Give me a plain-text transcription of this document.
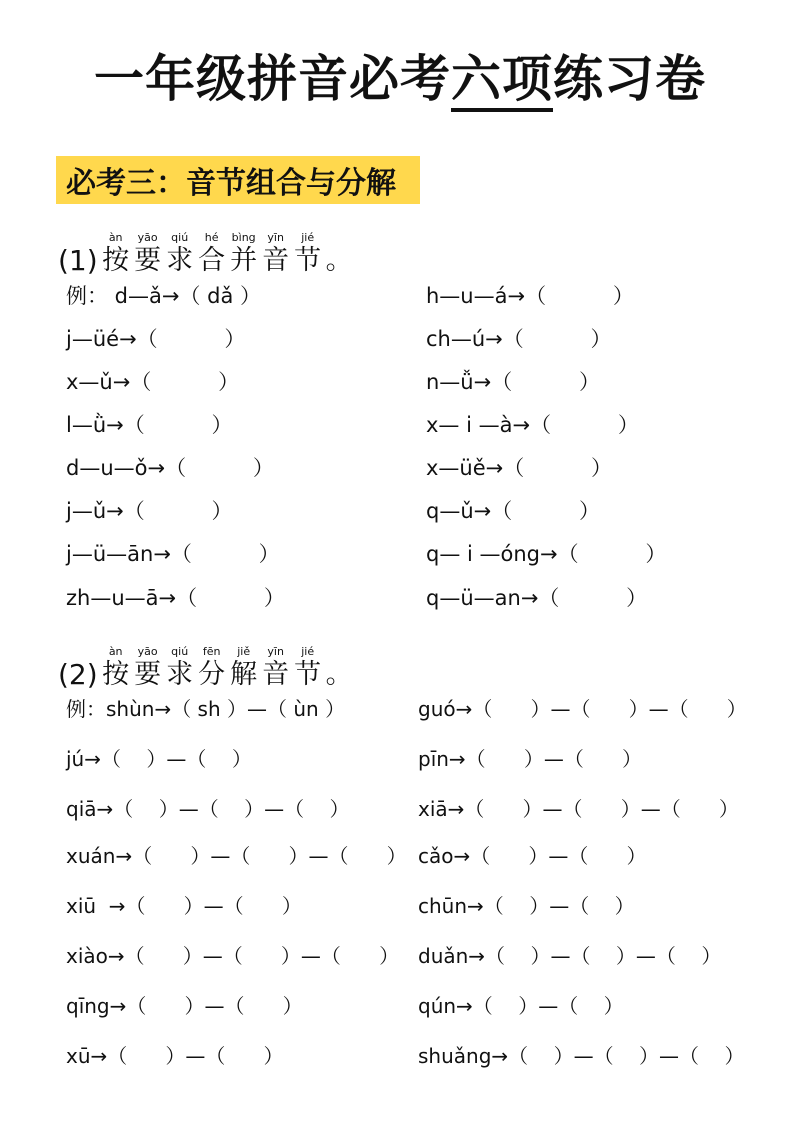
一年级拼音必考六项练习卷
必考三：音节组合与分解
(1)
àn
按
yāo
要
qiú
求
hé
合
bìng
并
yīn
音
jié
节 。
(2)
àn
按
yāo
要
qiú
求
fēn
分
jiě
解
yīn
音
jié
节 。
例： d—ǎ→（ dǎ ）
j—üé→（          ）
x—ǔ→（          ）
l—ǜ→（          ）
d—u—ǒ→（          ）
j—ǔ→（          ）
j—ü—ān→（          ）
zh—u—ā→（          ）
h—u—á→（          ）
ch—ú→（          ）
n—ǚ→（          ）
x— i —à→（          ）
x—üě→（          ）
q—ǔ→（          ）
q— i —óng→（          ）
q—ü—an→（          ）
例：shùn→（ sh ）—（ ùn ）
jú→（    ）—（    ）
qiā→（    ）—（    ）—（    ）
xuán→（      ）—（      ）—（      ）
xiū  →（      ）—（      ）
xiào→（      ）—（      ）—（      ）
qīng→（      ）—（      ）
xū→（      ）—（      ）
guó→（      ）—（      ）—（      ）
pīn→（      ）—（      ）
xiā→（      ）—（      ）—（      ）
cǎo→（      ）—（      ）
chūn→（    ）—（    ）
duǎn→（    ）—（    ）—（    ）
qún→（    ）—（    ）
shuǎng→（    ）—（    ）—（    ）
